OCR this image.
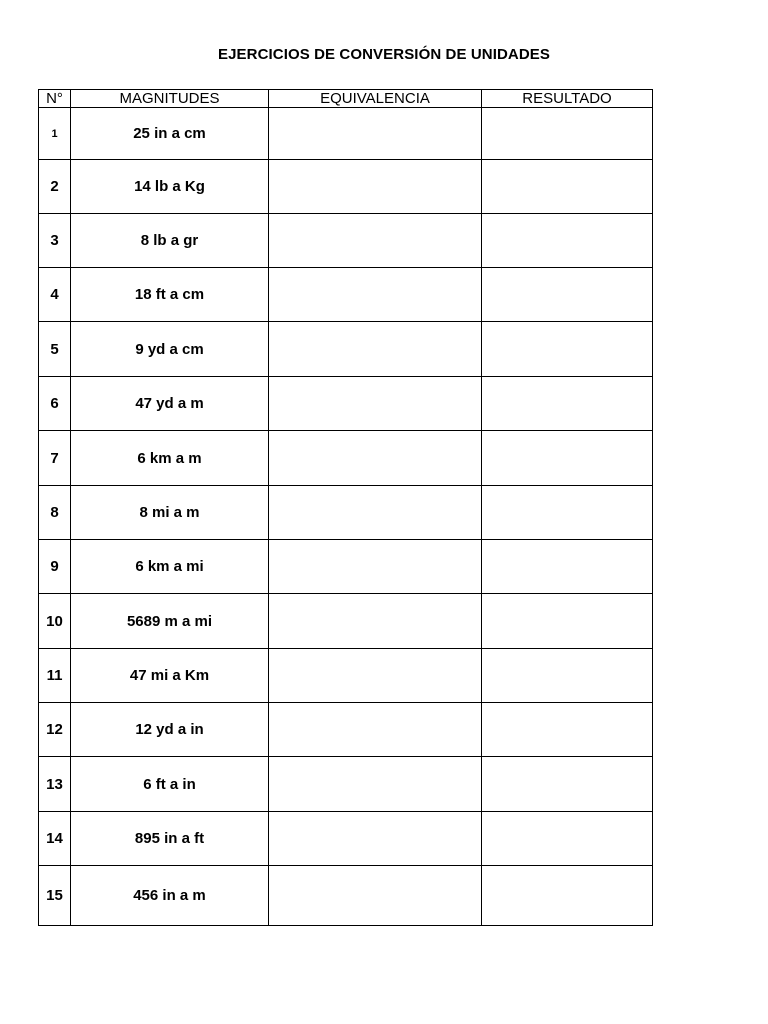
EJERCICIOS DE CONVERSIÓN DE UNIDADES
N°	MAGNITUDES	EQUIVALENCIA	RESULTADO
1	25 in a cm		
2	14 lb a Kg		
3	8 lb a gr		
4	18 ft a cm		
5	9 yd a cm		
6	47 yd a m		
7	6 km a m		
8	8 mi a m		
9	6 km a mi		
10	5689 m a mi		
11	47 mi a Km		
12	12 yd a in		
13	6 ft a in		
14	895 in a ft		
15	456 in a m		
